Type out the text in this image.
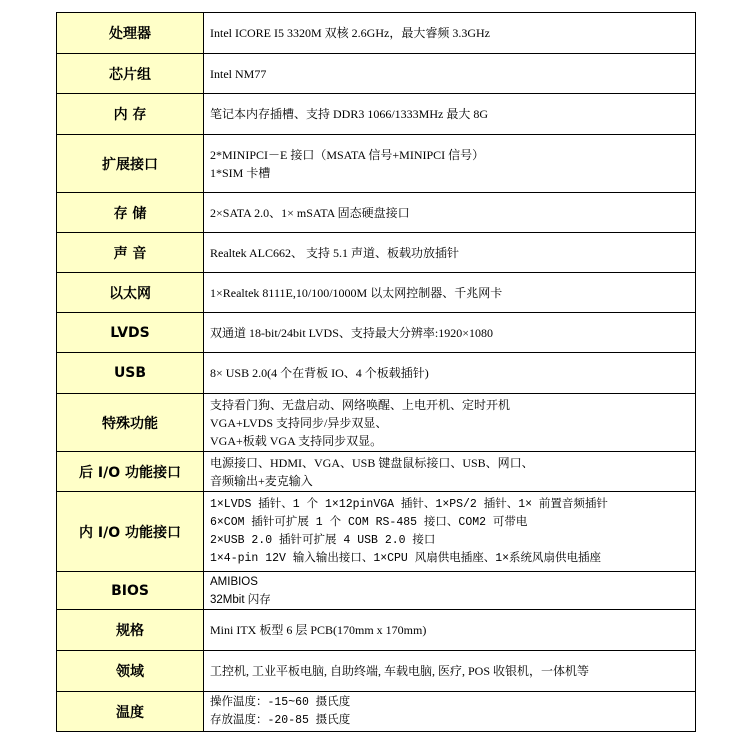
处理器	Intel ICORE I5 3320M 双核 2.6GHz，最大睿频 3.3GHz

芯片组	Intel NM77

内 存	笔记本内存插槽、支持 DDR3 1066/1333MHz 最大 8G

扩展接口	2*MINIPCI－E 接口（MSATA 信号+MINIPCI 信号）
1*SIM 卡槽

存 储	2×SATA 2.0、1× mSATA 固态硬盘接口

声 音	Realtek ALC662、 支持 5.1 声道、板载功放插针

以太网	1×Realtek 8111E,10/100/1000M 以太网控制器、千兆网卡

LVDS	双通道 18-bit/24bit LVDS、支持最大分辨率:1920×1080

USB	8× USB 2.0(4 个在背板 IO、4 个板载插针)

特殊功能	支持看门狗、无盘启动、网络唤醒、上电开机、定时开机
VGA+LVDS 支持同步/异步双显、
VGA+板载 VGA 支持同步双显。

后 I/O 功能接口	电源接口、HDMI、VGA、USB 键盘鼠标接口、USB、网口、
音频输出+麦克输入

内 I/O 功能接口	1×LVDS 插针、1 个 1×12pinVGA 插针、1×PS/2 插针、1× 前置音频插针
6×COM 插针可扩展 1 个 COM RS-485 接口、COM2 可带电
2×USB 2.0 插针可扩展 4 USB 2.0 接口
1×4-pin 12V 输入输出接口、1×CPU 风扇供电插座、1×系统风扇供电插座

BIOS	AMIBIOS
32Mbit 闪存

规格	Mini ITX 板型 6 层 PCB(170mm x 170mm)

领域	工控机, 工业平板电脑, 自助终端, 车载电脑, 医疗, POS 收银机，一体机等

温度	操作温度：-15~60 摄氏度
存放温度：-20-85 摄氏度
